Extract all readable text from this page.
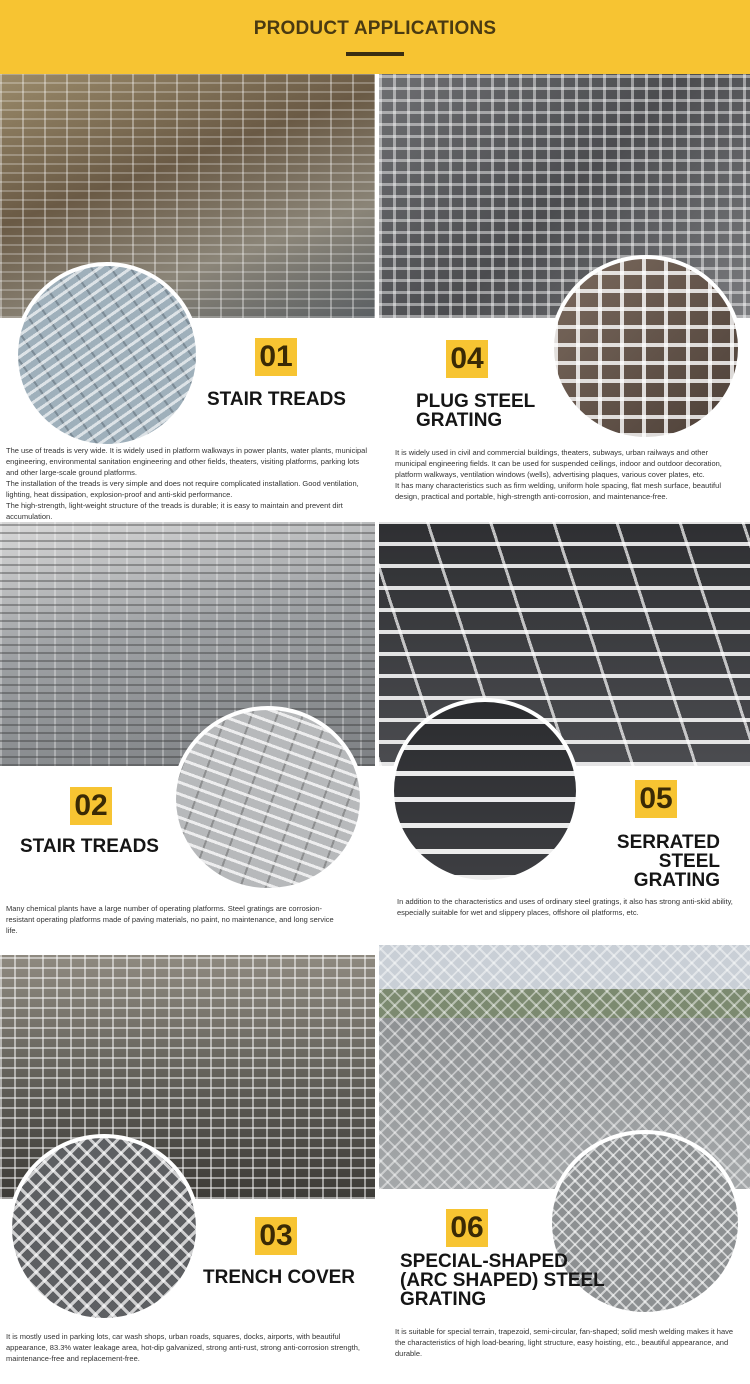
PRODUCT APPLICATIONS
01
STAIR TREADS

The use of treads is very wide. It is widely used in platform walkways in power plants, water plants, municipal engineering, environmental sanitation engineering and other fields, theaters, visiting platforms, parking lots and other large-scale ground platforms.
The installation of the treads is very simple and does not require complicated installation. Good ventilation, lighting, heat dissipation, explosion-proof and anti-skid performance.
The high-strength, light-weight structure of the treads is durable; it is easy to maintain and prevent dirt accumulation.

04
PLUG STEEL
GRATING

It is widely used in civil and commercial buildings, theaters, subways, urban railways and other municipal engineering fields. It can be used for suspended ceilings, indoor and outdoor decoration, platform walkways, ventilation windows (wells), advertising plaques, various cover plates, etc.
It has many characteristics such as firm welding, uniform hole spacing, flat mesh surface, beautiful design, practical and portable, high-strength anti-corrosion, and maintenance-free.

02
STAIR TREADS

Many chemical plants have a large number of operating platforms. Steel gratings are corrosion-resistant operating platforms made of paving materials, no paint, no maintenance, and long service life.

05
SERRATED
STEEL GRATING

In addition to the characteristics and uses of ordinary steel gratings, it also has strong anti-skid ability, especially suitable for wet and slippery places, offshore oil platforms, etc.

03
TRENCH COVER

It is mostly used in parking lots, car wash shops, urban roads, squares, docks, airports, with beautiful appearance, 83.3% water leakage area, hot-dip galvanized, strong anti-rust, strong anti-corrosion strength, maintenance-free and replacement-free.

06
SPECIAL-SHAPED
(ARC SHAPED) STEEL
GRATING

It is suitable for special terrain, trapezoid, semi-circular, fan-shaped; solid mesh welding makes it have the characteristics of high load-bearing, light structure, easy hoisting, etc., beautiful appearance, and durable.
